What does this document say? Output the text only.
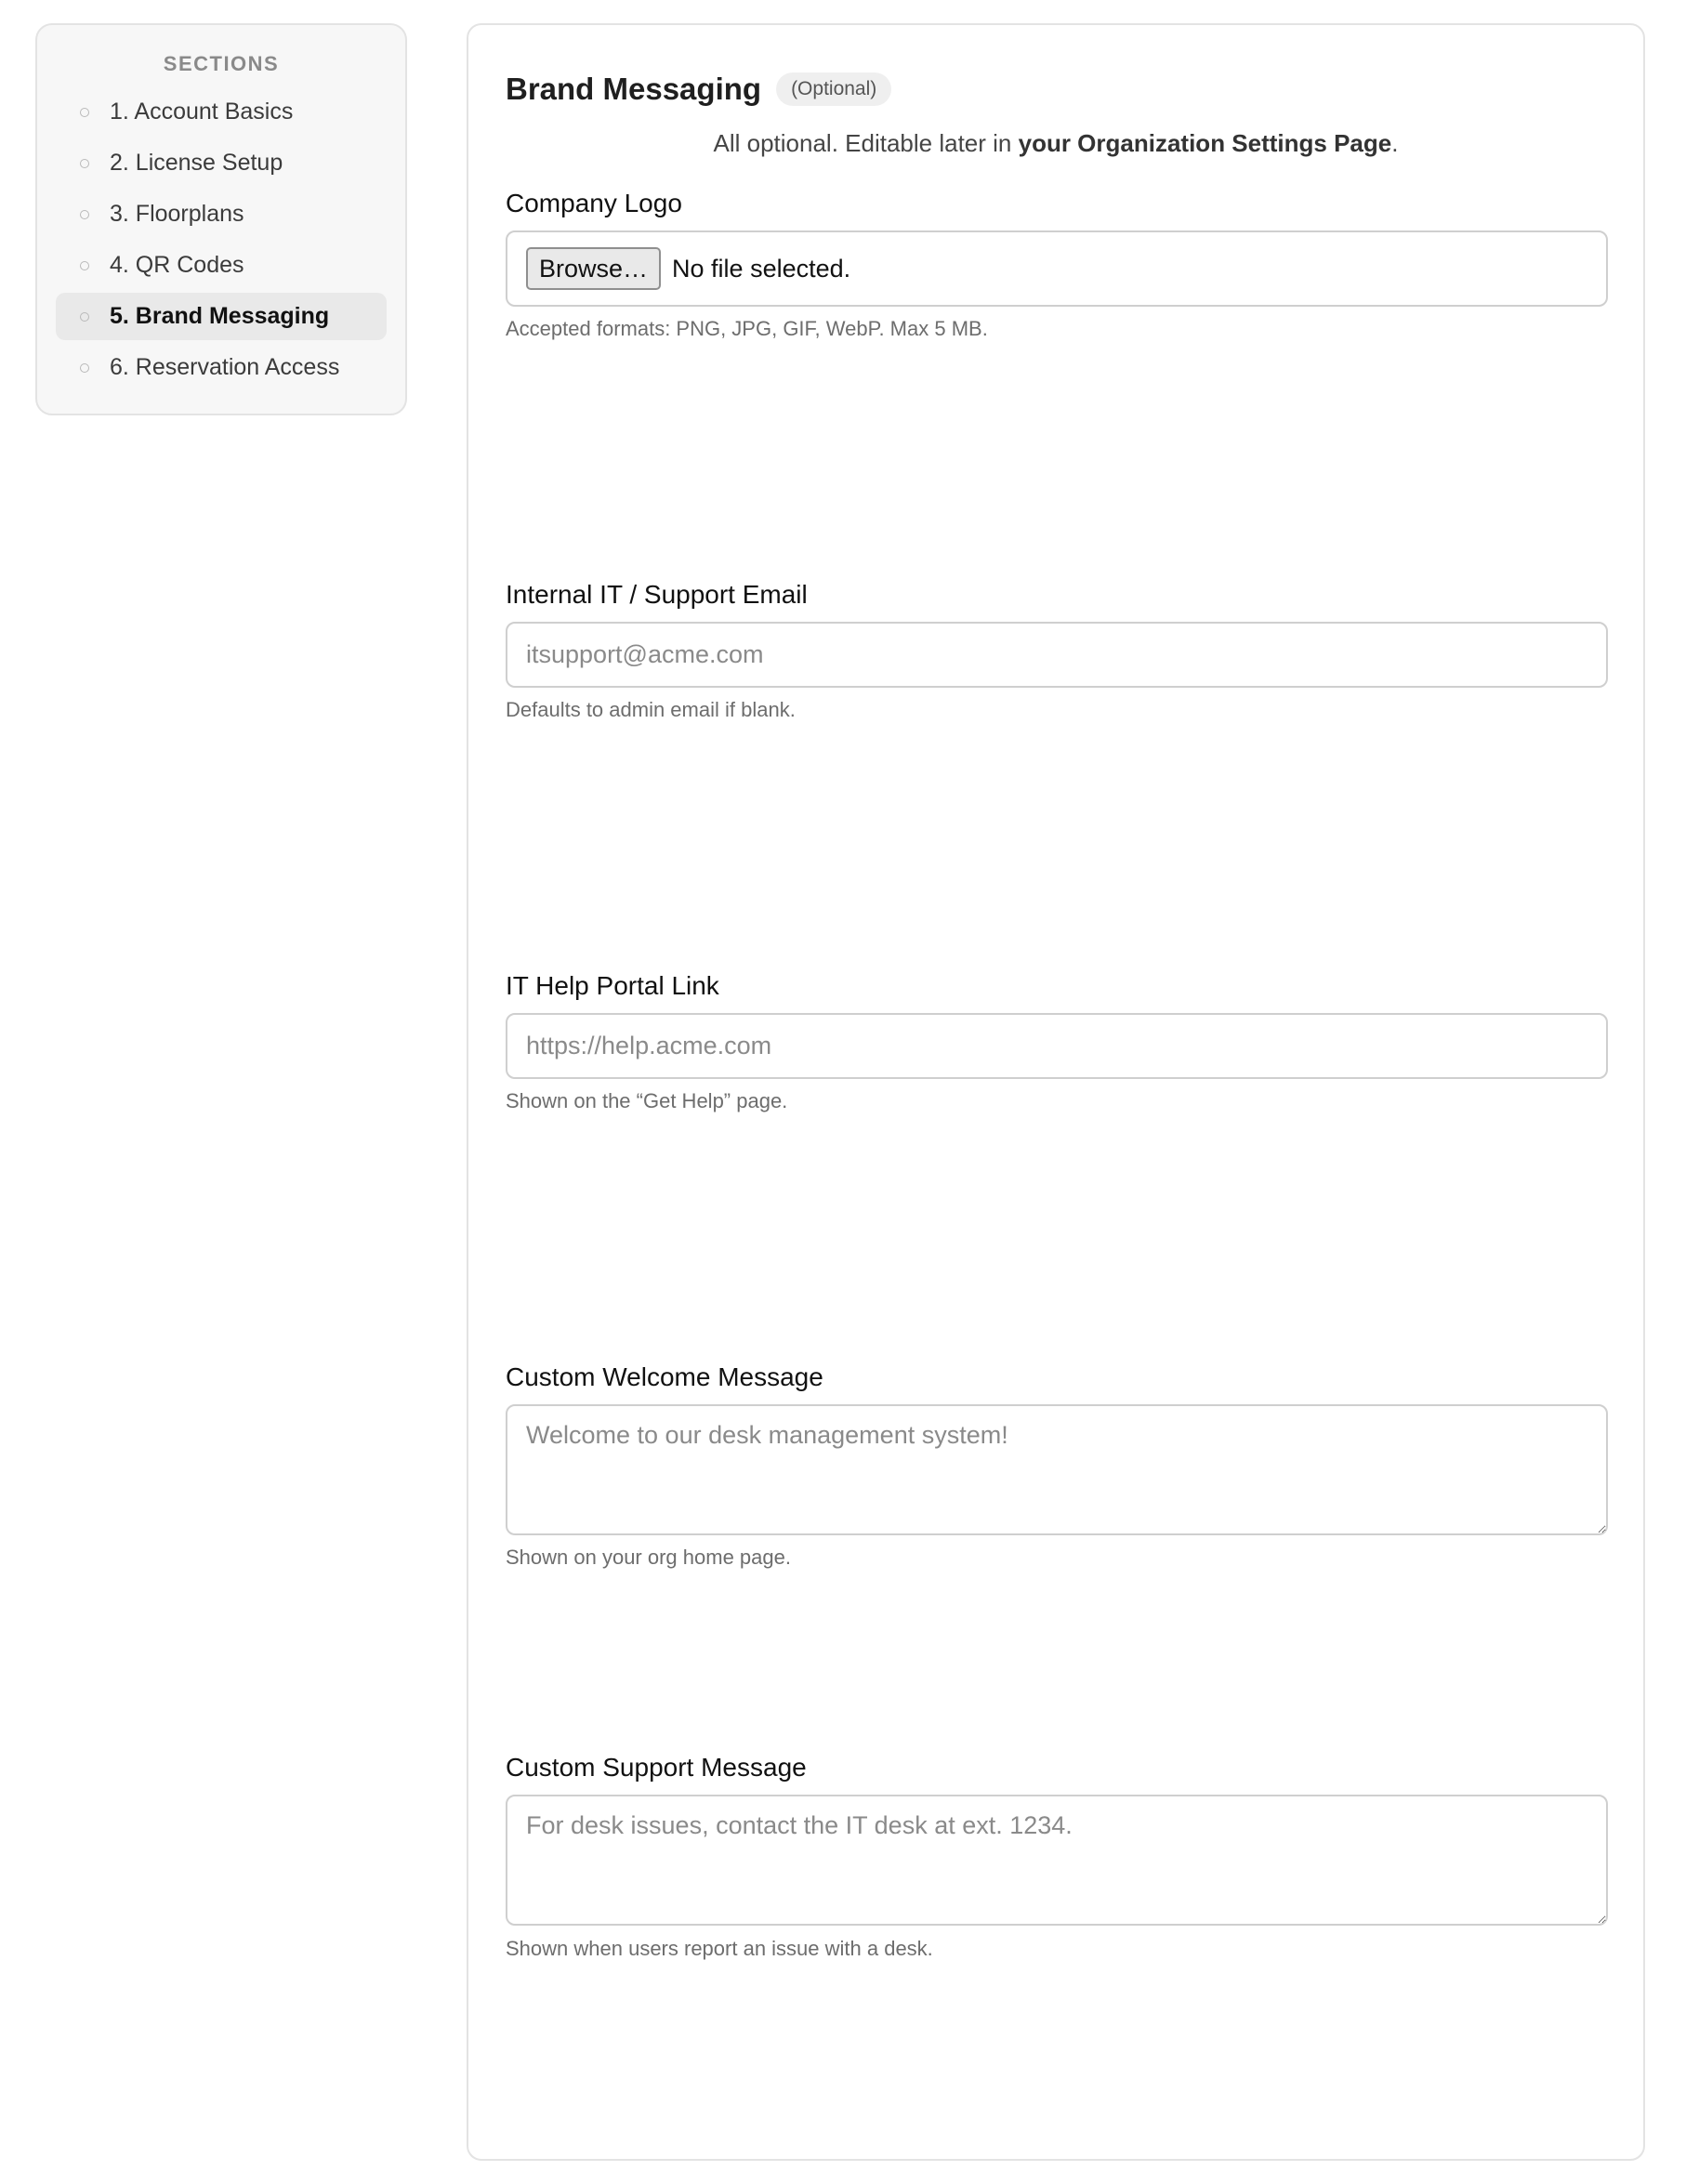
SECTIONS
1. Account Basics
2. License Setup
3. Floorplans
4. QR Codes
5. Brand Messaging
6. Reservation Access
Brand Messaging	(Optional)
All optional. Editable later in your Organization Settings Page.
Company Logo
Browse… No file selected.
Accepted formats: PNG, JPG, GIF, WebP. Max 5 MB.
Internal IT / Support Email
itsupport@acme.com
Defaults to admin email if blank.
IT Help Portal Link
https://help.acme.com
Shown on the “Get Help” page.
Custom Welcome Message
Welcome to our desk management system!
Shown on your org home page.
Custom Support Message
For desk issues, contact the IT desk at ext. 1234.
Shown when users report an issue with a desk.
